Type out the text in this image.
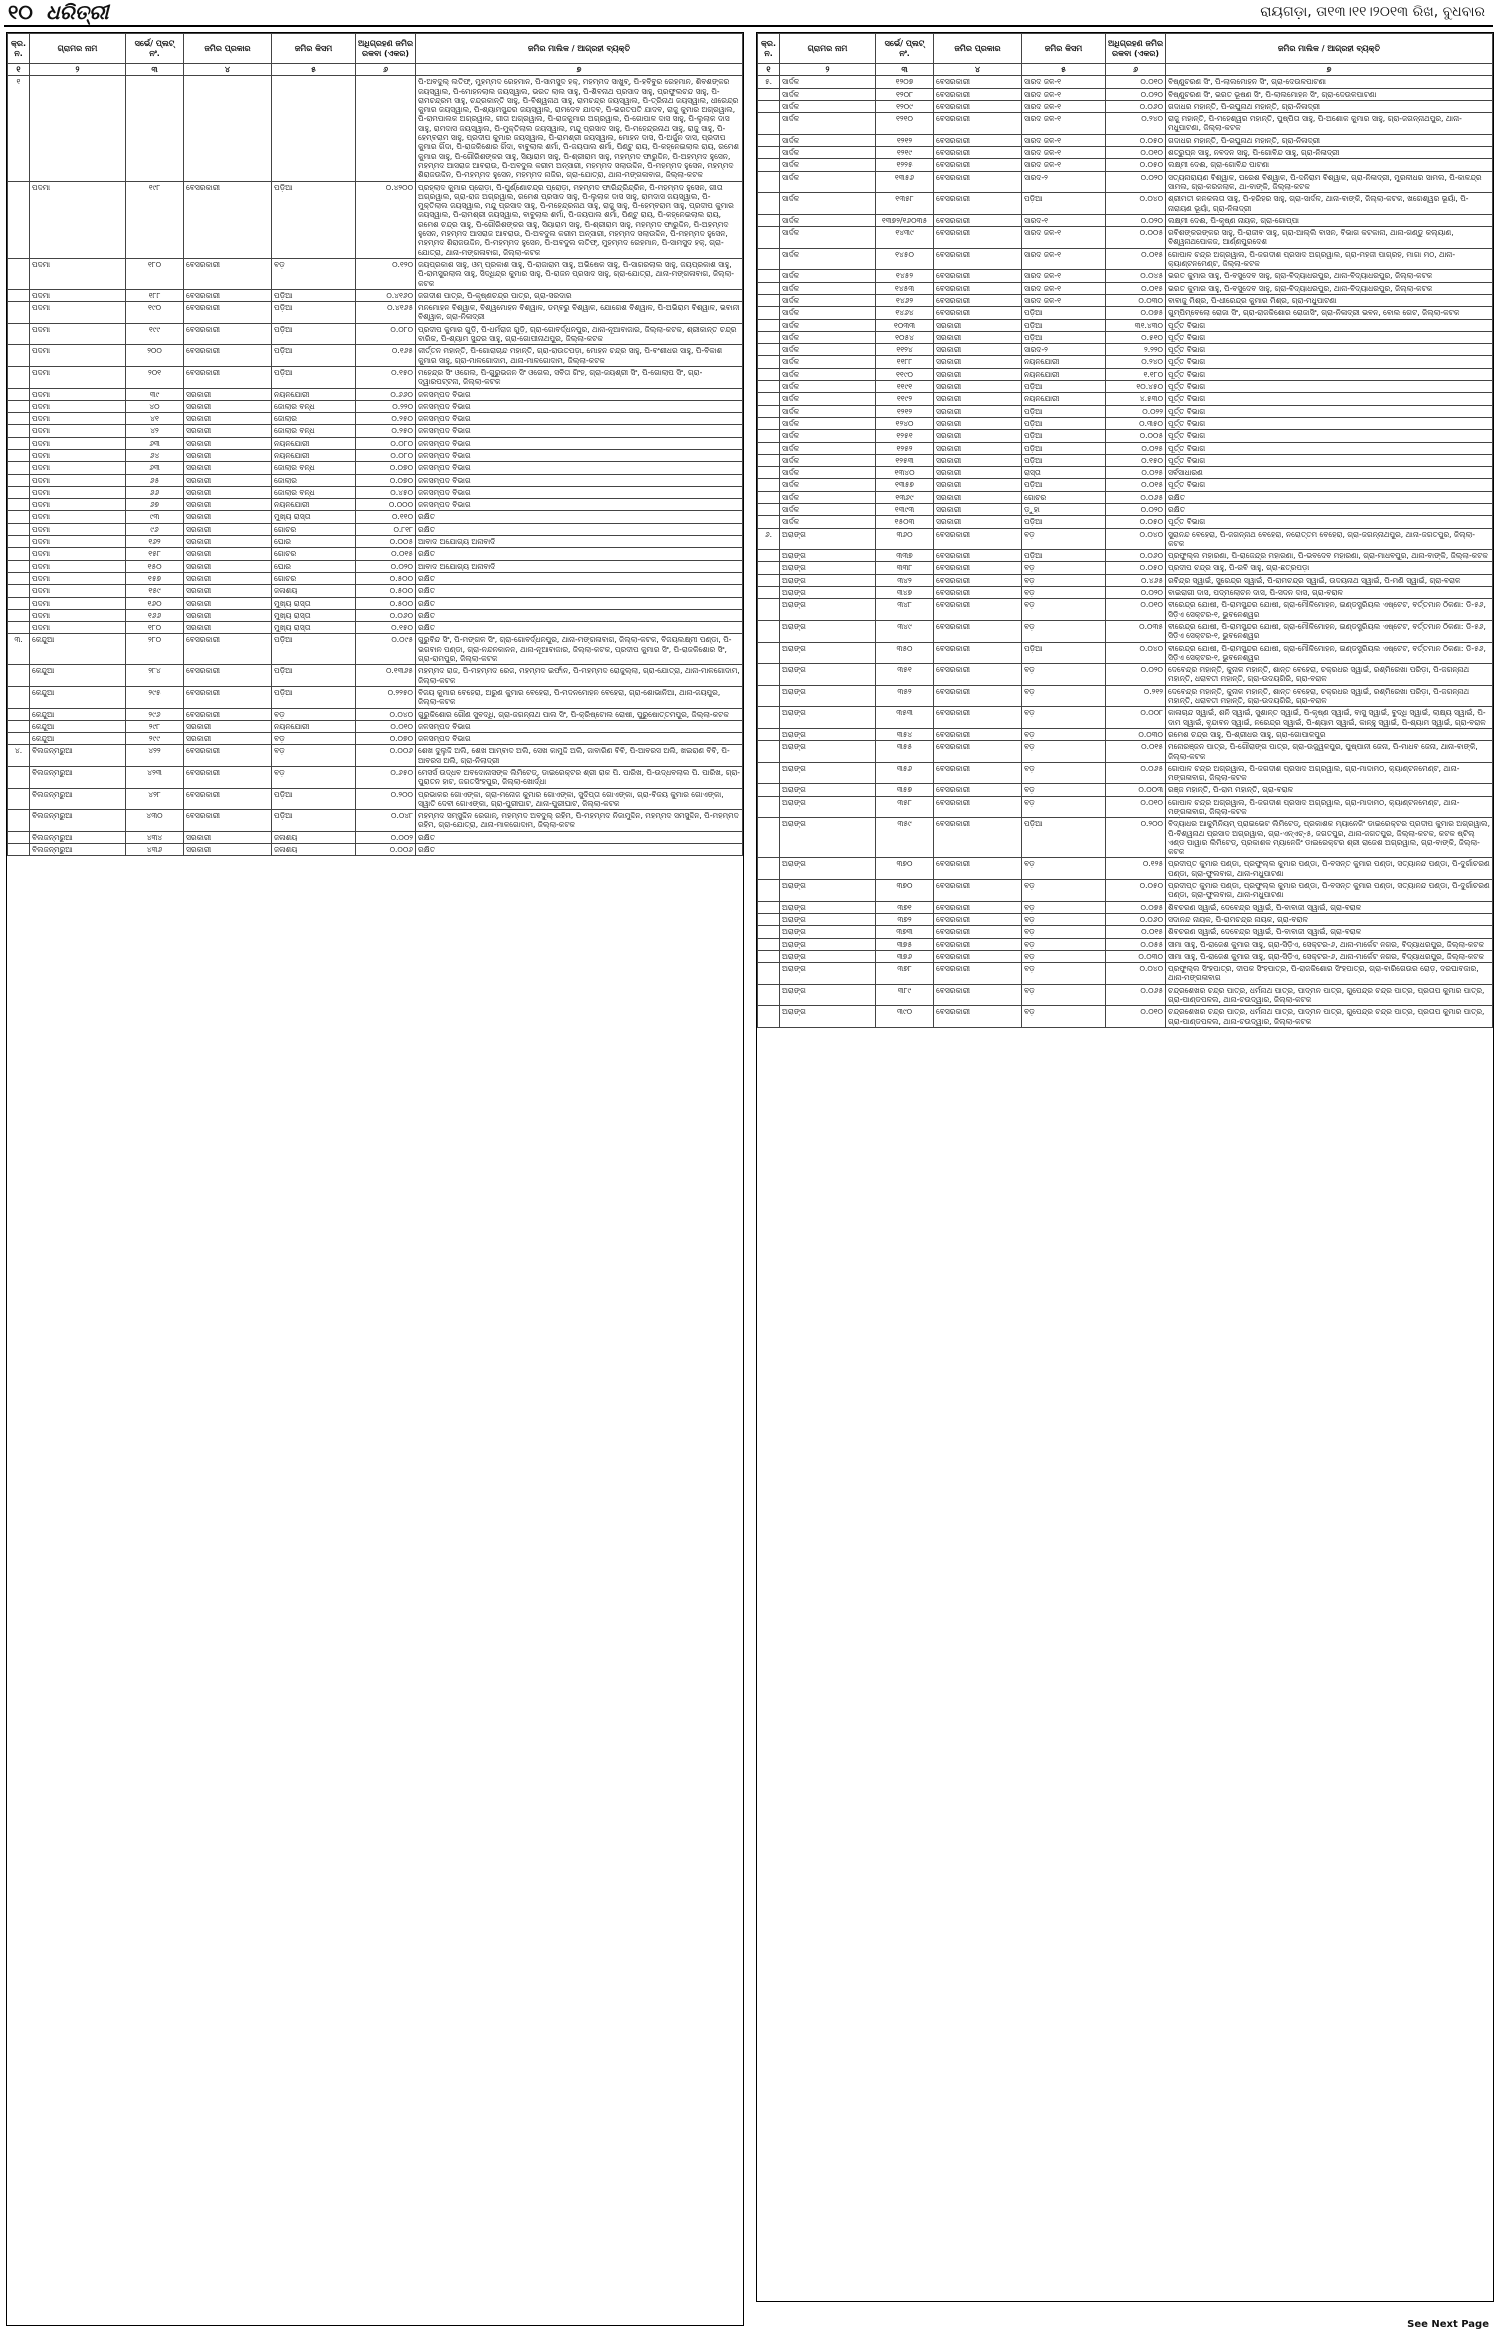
୧୦ ଧରିତ୍ରୀ	ରାୟଗଡ଼ା, ତା୧୩।୧୧।୨୦୧୩ ରିଖ, ବୁଧବାର
କ୍ର. ନ.	ଗ୍ରାମର ନାମ	ସର୍ଭେ/ ପ୍ଲଟ୍ ନଂ.	ଜମିର ପ୍ରକାର	ଜମିର କିସମ	ଅଧିଗ୍ରହଣ ଜମିର ରକବା (ଏକର)	ଜମିର ମାଲିକ / ଆଗ୍ରହୀ ବ୍ୟକ୍ତି
୧	୨	୩	୪	୫	୬	୭
୧						ପି-ଅବଦୁଲ୍ ଲତିଫ୍, ମୁହମ୍ମଦ ରେହମାନ, ପି-ସାମସୁଦ ହକ୍, ମହମ୍ମଦ ସାଖୁବ୍, ପି-ହବିବୁର ରେହମାନ, ଶିବଶଙ୍କର ଜୟସ୍ୱାଲ, ପି-ମୋହନଲାଲ ଜୟସ୍ୱାଲ, ଭରତ ଲାଲ ସାହୁ, ପି-ଶିବନାଥ ପ୍ରସାଦ ସାହୁ, ପ୍ରଫୁଲଚନ୍ଦ ସାହୁ, ପି-ରାମଚନ୍ଦ୍ରମ ସାହୁ, ଚନ୍ଦ୍ରକାନ୍ତି ସାହୁ, ପି-ବିଶ୍ୱନାଥ ସାହୁ, ରାମଚନ୍ଦ୍ର ଜୟସ୍ୱାଲ, ପି-ତ୍ରିନାଥ ଜୟସ୍ୱାଲ, ଧୀରେନ୍ଦ୍ର କୁମାର ଜୟସ୍ୱାଲ, ପି-ଶ୍ୟାମସୁନ୍ଦର ଜୟସ୍ୱାଲ, ରାମଦେବ ଯାଦବ, ପି-ଭରତପତି ଯାଦବ, ରାଜୁ କୁମାର ଅଗ୍ରୱାଲ, ପି-ରାମପାଲକ ଅଗ୍ରୱାଲ, ଗୀତା ଅଗ୍ରୱାଲ, ପି-ରାଜକୁମାର ଅଗ୍ରୱାଲ, ପି-ଗୋପାଳ ଦାସ ସାହୁ, ପି-ଲୁଲାକ ଦାସ ସାହୁ, ରାମଦାସ ଜୟସ୍ୱାଲ, ପି-ମୁକ୍ତିଲାଲ ଜୟସ୍ୱାଲ, ମନ୍ଦୁ ପ୍ରସାଦ ସାହୁ, ପି-ମହେନ୍ଦ୍ରନାଥ ସାହୁ, ରାଜୁ ସାହୁ, ପି-ହେମ୍ବରାମ ସାହୁ, ପ୍ରଦୀପ କୁମାର ଜୟସ୍ୱାଲ, ପି-ରାମଶ୍ରୀ ଜୟସ୍ୱାଲ, ମୋହନ ଦାସ, ପି-ଅର୍ଜୁନ ଦାସ, ପ୍ରଦୀପ କୁମାର ଗିଁଦା, ପି-ରାଜକିଶୋର ଗିଁଦା, ବାବୁଲାଲ ଶର୍ମା, ପି-ଜୟପାଲ ଶର୍ମା, ପିଣ୍ଟୁ ରାୟ, ପି-କହ୍ନେଇଲାଲ ରାୟ, ରମେଶ କୁମାର ସାହୁ, ପି-ଗୌରିଶଙ୍କର ସାହୁ, ସିୟାରାମ ସାହୁ, ପି-ଶ୍ରୀରାମ ସାହୁ, ମହମ୍ମଦ ଫାରୁଦ୍ଦିନ, ପି-ଅହମ୍ମଦ ହୁସେନ, ମହମ୍ମଦ ଆସରାଜ ଆବରାଉ, ପି-ଅବଦୁଲ କରୀମ ଅନ୍ସାରୀ, ମହମ୍ମଦ ସଲାଉଦ୍ଦିନ, ପି-ମହମ୍ମଦ ହୁସେନ, ମହମ୍ମଦ ଶିରାଜଉଦ୍ଦିନ, ପି-ମହମ୍ମଦ ହୁସେନ, ମହମ୍ମଦ ନାଜିର, ଗ୍ରା-ଯୋତ୍ରା, ଥାନା-ମଙ୍ଗଳାବାଗ, ଜିଲ୍ଲା-କଟକ
	ପଦମା	୧୯୮	ବେସରକାରୀ	ପଡ଼ିଆ	୦.୪୨୦୦	ପ୍ରହ୍ଲାଦ କୁମାର ପ୍ରୋଡ଼ା, ପି-ପୁର୍ଣ୍ଣୋଚନ୍ଦ୍ର ପ୍ରୋଡ଼ା, ମହମ୍ମଦ ଫାରିନ୍ଦ୍ରିନ୍ଦ୍ରିନ, ପି-ମହମ୍ମଦ ହୁସେନ, ଗୀତା ଅଗ୍ରୱାଲ, ଗ୍ରା-ରାଜ ଅଗ୍ରୱାଲ, ରମେଶ ପ୍ରସାଦ ସାହୁ, ପି-ଲୁଲାକ ଦାସ ସାହୁ, ରାମଦାସ ଜୟସ୍ୱାଲ, ପି-ମୁକ୍ତିଲାଲ ଜୟସ୍ୱାଲ, ମନ୍ଦୁ ପ୍ରସାଦ ସାହୁ, ପି-ମହେନ୍ଦ୍ରନାଥ ସାହୁ, ରାଜୁ ସାହୁ, ପି-ହେମ୍ବରାମ ସାହୁ, ପ୍ରଦୀପ କୁମାର ଜୟସ୍ୱାଲ, ପି-ରାମଶ୍ରୀ ଜୟସ୍ୱାଲ, ବାବୁଲାଲ ଶର୍ମା, ପି-ଜୟପାଲ ଶର୍ମା, ପିଣ୍ଟୁ ରାୟ, ପି-କହ୍ନେଇଲାଲ ରାୟ, ରମେଶ ଚନ୍ଦ୍ର ସାହୁ, ପି-ଗୌରିଶଙ୍କର ସାହୁ, ସିୟାରାମ ସାହୁ, ପି-ଶ୍ରୀରାମ ସାହୁ, ମହମ୍ମଦ ଫାରୁଦ୍ଦିନ, ପି-ଅହମ୍ମଦ ହୁସେନ, ମହମ୍ମଦ ଆସରାଜ ଆବରାଉ, ପି-ଅବଦୁଲ କରୀମ ଅନ୍ସାରୀ, ମହମ୍ମଦ ସଲାଉଦ୍ଦିନ, ପି-ମହମ୍ମଦ ହୁସେନ, ମହମ୍ମଦ ଶିରାଜଉଦ୍ଦିନ, ପି-ମହମ୍ମଦ ହୁସେନ, ପି-ଅବଦୁଲ ଲତିଫ୍, ମୁହମ୍ମଦ ରେହମାନ, ପି-ସାମସୁଦ ହକ୍, ଗ୍ରା-ଯୋତ୍ରା, ଥାନା-ମଙ୍ଗଳାବାଗ, ଜିଲ୍ଲା-କଟକ
	ପଦମା	୧୮୦	ବେସରକାରୀ	ବଡ଼	୦.୧୨୦	ଜୟପ୍ରକାଶ ସାହୁ, ଓମ୍ ପ୍ରକାଶ ସାହୁ, ପି-ରାଜାରାମ ସାହୁ, ଅଭିଷେକ ସାହୁ, ପି-ସାଗରଲାଲ ସାହୁ, ଜୟପ୍ରକାଶ ସାହୁ, ପି-ରାମସୁରଲାଲ ସାହୁ, ସିଦ୍ଧିନ୍ଦ୍ର କୁମାର ସାହୁ, ପି-ରାଜନ ପ୍ରସାଦ ସାହୁ, ଗ୍ରା-ଯୋତ୍ରା, ଥାନା-ମଙ୍ଗଳାବାଗ, ଜିଲ୍ଲା-କଟକ
	ପଦମା	୧୮୮	ବେସରକାରୀ	ପଡ଼ିଆ	୦.୪୧୬୦	ଜଗଦୀଶ ପାତ୍ର, ପି-କୃଷ୍ଣଚନ୍ଦ୍ର ପାତ୍ର, ଗ୍ରା-ସରଦାର
	ପଦମା	୧୯୦	ବେସରକାରୀ	ପଡ଼ିଆ	୦.୪୧୬୫	ମନମୋହନ ବିଶ୍ୱାଳ, ବିଶ୍ୱମୋହନ ବିଶ୍ୱାଳ, ଡମ୍ବରୁ ବିଶ୍ୱାଳ, ଯୋଗେଶ ବିଶ୍ୱାଳ, ପି-ଅଭିରାମ ବିଶ୍ୱାଳ, ଭବାନୀ ବିଶ୍ୱାଳ, ଗ୍ରା-ନିଳାଦ୍ରୀ
	ପଦମା	୧୯୯	ବେସରକାରୀ	ପଡ଼ିଆ	୦.୦୮୦	ପ୍ରଦୀପ କୁମାର ଗୁଡ଼ି, ପି-ଧର୍ମରାଜ ଗୁଡ଼ି, ଗ୍ରା-ଗୋବର୍ଦ୍ଧନପୁର, ଥାନା-ନୂଆବାଜାର, ଜିଲ୍ଲା-କଟକ, ଶ୍ରୀକାନ୍ତ ଚନ୍ଦ୍ର ବାରିକ, ପି-ଶ୍ୟାମ ସୁନ୍ଦର ସାହୁ, ଗ୍ରା-ଗୋପୀନାଥପୁର, ଜିଲ୍ଲା-କଟକ
	ପଦମା	୨୦୦	ବେସରକାରୀ	ପଡ଼ିଆ	୦.୧୬୫	କୀର୍ତ୍ତନ ମହାନ୍ତି, ପି-ଗୋରାଚାନ୍ଦ ମହାନ୍ତି, ଗ୍ରା-ରାଉତପଡ଼ା, ମୋହନ ଚନ୍ଦ୍ର ସାହୁ, ପି-ବଂଶୀଧର ସାହୁ, ପି-ବିକାଶ କୁମାର ସାହୁ, ଗ୍ରା-ମାଳଗୋଦାମ, ଥାନା-ମାଳଗୋଦାମ, ଜିଲ୍ଲା-କଟକ
	ପଦମା	୨୦୧	ବେସରକାରୀ	ପଡ଼ିଆ	୦.୧୫୦	ମହେନ୍ଦ୍ର ସିଂ ଓଗେଲ, ପି-ଗୁରୁଭଜନ ସିଂ ଓଗେଲ, ସବିତା ଗିଂହ, ଗ୍ରା-ଜୟଶ୍ରୀ ସିଂ, ପି-ଗୋଲାପ ସିଂ, ଗ୍ରା-ଦ୍ୱାରପଟ୍ଟନା, ଜିଲ୍ଲା-କଟକ
	ପଦମା	୩୯	ସରକାରୀ	ନୟନଯୋରୀ	୦.୬୬୦	ଜଳସମ୍ପଦ ବିଭାଗ
	ପଦମା	୪୦	ସରକାରୀ	ଜୋଲାର ବନ୍ଧ	୦.୨୨୦	ଜଳସମ୍ପଦ ବିଭାଗ
	ପଦମା	୪୧	ସରକାରୀ	ଜୋଲାର	୦.୨୫୦	ଜଳସମ୍ପଦ ବିଭାଗ
	ପଦମା	୪୨	ସରକାରୀ	ଜୋଲାର ବନ୍ଧ	୦.୨୫୦	ଜଳସମ୍ପଦ ବିଭାଗ
	ପଦମା	୬୩	ସରକାରୀ	ନୟନଯୋରୀ	୦.୦୮୦	ଜଳସମ୍ପଦ ବିଭାଗ
	ପଦମା	୬୪	ସରକାରୀ	ନୟନଯୋରୀ	୦.୦୮୦	ଜଳସମ୍ପଦ ବିଭାଗ
	ପଦମା	୬୩	ସରକାରୀ	ଜୋଲାର ବନ୍ଧ	୦.୦୭୦	ଜଳସମ୍ପଦ ବିଭାଗ
	ପଦମା	୬୫	ସରକାରୀ	ଜୋଲାର	୦.୦୭୦	ଜଳସମ୍ପଦ ବିଭାଗ
	ପଦମା	୬୬	ସରକାରୀ	ଜୋଲାର ବନ୍ଧ	୦.୪୫୦	ଜଳସମ୍ପଦ ବିଭାଗ
	ପଦମା	୬୭	ସରକାରୀ	ନୟନଯୋରୀ	୦.୦୦୦	ଜଳସମ୍ପଦ ବିଭାଗ
	ପଦମା	୯୩	ସରକାରୀ	ମୁଖ୍ୟ ରାସ୍ତା	୦.୧୧୦	ରକ୍ଷିତ
	ପଦମା	୯୬	ସରକାରୀ	ଗୋଚର	୦.୮୧୮	ରକ୍ଷିତ
	ପଦମା	୧୬୨	ସରକାରୀ	ଘୋର	୦.୦୦୫	ଆବାଦ ଅଯୋଗ୍ୟ ଅନାବାଦି
	ପଦମା	୧୫୮	ସରକାରୀ	ଗୋଚର	୦.୦୧୫	ରକ୍ଷିତ
	ପଦମା	୧୫୦	ସରକାରୀ	ଘୋର	୦.୦୨୦	ଆବାଦ ଅଯୋଗ୍ୟ ଅନାବାଦି
	ପଦମା	୧୫୭	ସରକାରୀ	ଗୋଚର	୦.୫୦୦	ରକ୍ଷିତ
	ପଦମା	୧୫୯	ସରକାରୀ	ଜଳାଶୟ	୦.୫୦୦	ରକ୍ଷିତ
	ପଦମା	୧୬୦	ସରକାରୀ	ମୁଖ୍ୟ ରାସ୍ତା	୦.୫୦୦	ରକ୍ଷିତ
	ପଦମା	୧୬୬	ସରକାରୀ	ମୁଖ୍ୟ ରାସ୍ତା	୦.୦୬୦	ରକ୍ଷିତ
	ପଦମା	୧୮୦	ସରକାରୀ	ମୁଖ୍ୟ ରାସ୍ତା	୦.୧୫୦	ରକ୍ଷିତ
୩.	କେନ୍ଦୁଆ	୨୮୦	ବେସରକାରୀ	ପଡ଼ିଆ	୦.୦୯୫	ଗୁରୁବିନ୍ଦ ସିଂ, ପି-ମଙ୍ଗଳ ସିଂ, ଗ୍ରା-ଗୋବର୍ଦ୍ଧନପୁର, ଥାନା-ମଙ୍ଗଳାବାଗ, ଜିଲ୍ଲା-କଟକ, ବିଜୟଲକ୍ଷ୍ମୀ ପଣ୍ଡା, ପି-ଭଗବାନ ପଣ୍ଡା, ଗ୍ରା-ନନ୍ଦନକାନନ, ଥାନା-ନୂଆବାଜାର, ଜିଲ୍ଲା-କଟକ, ପ୍ରଦୀପ କୁମାର ସିଂ, ପି-ରାଜକିଶୋର ସିଂ, ଗ୍ରା-ରାମପୁର, ଜିଲ୍ଲା-କଟକ
	କେନ୍ଦୁଆ	୨୮୪	ବେସରକାରୀ	ପଡ଼ିଆ	୦.୧୩୬୫	ମହମ୍ମଦ ରାଜ, ପି-ମହମ୍ମଦ ରେଜ, ମହମ୍ମଦ ଇର୍ଫାନ, ପି-ମହମ୍ମଦ ରୋଜୁଲ୍ଲା, ଗ୍ରା-ଯୋତ୍ରା, ଥାନା-ମାଳଗୋଦାମ, ଜିଲ୍ଲା-କଟକ
	କେନ୍ଦୁଆ	୨୯୫	ବେସରକାରୀ	ପଡ଼ିଆ	୦.୨୨୫୦	ବିଜୟ କୁମାର ବେହେରା, ଅରୁଣ କୁମାର ବେହେରା, ପି-ମଦନମୋହନ ବେହେରା, ଗ୍ରା-ଶୋଭାନିଆ, ଥାନା-ଜୟପୁର, ଜିଲ୍ଲା-କଟକ
	କେନ୍ଦୁଆ	୨୯୬	ବେସରକାରୀ	ବଡ଼	୦.୦୪୦	ଗୁରୁକିଶୋର ଗୌଣ ସୁବଦ୍ଧି, ଗ୍ରା-ଜଗନ୍ନାଥ ପାଲ ସିଂ, ପି-କ୍ରିଷ୍ଟୋଲ ରୋଷୀ, ପୁରୁଷୋତ୍ତମପୁର, ଜିଲ୍ଲା-କଟକ
	କେନ୍ଦୁଆ	୨୯୮	ସରକାରୀ	ନୟନଯୋରୀ	୦.୦୧୦	ଜଳସମ୍ପଦ ବିଭାଗ
	କେନ୍ଦୁଆ	୨୯୯	ସରକାରୀ	ବଡ଼	୦.୦୭୦	ଜଳସମ୍ପଦ ବିଭାଗ
୪.	ବିଲଜନ୍ମରୁଆ	୪୨୨	ବେସରକାରୀ	ବଡ଼	୦.୦୦୬	ଶେଖ ଦୁଲୁଦ୍ଦି ଅଲି, ଶେଖ ଆମ୍ବାଦ ଅଲି, ସେଖ କାମୁଦ୍ଦି ଅଲି, ଜାବାରିଣ ବିବି, ପି-ଆବରସ ଅଲି, ଖଇରାଣ ବିବି, ପି-ଆବରସ ଅଲି, ଗ୍ରା-ନିଲାଦ୍ରୀ
	ବିଲଜନ୍ମରୁଆ	୪୨୩	ବେସରକାରୀ	ବଡ଼	୦.୬୫୦	ମେସର୍ସ ଉଦ୍ଧବ ଅବଦୋନାସଙ୍କ ଲିମିଟେଡ୍, ଡାଇରେକ୍ଟର ଶ୍ରୀ ରାକ ପି. ପାରିଖ, ପି-ଉଦ୍ଧବଲାଲ ପି. ପାରିଖ, ଗ୍ରା-ପୁରାତନ ହାଟ, ଜଗତସିଂହପୁର, ଜିଲ୍ଲା-ଖୋର୍ଦ୍ଧା
	ବିଲଜନ୍ମରୁଆ	୪୨୮	ବେସରକାରୀ	ପଡ଼ିଆ	୦.୨୦୦	ପ୍ରଭାକର ଗୋଏଙ୍କା, ଗ୍ରା-ମନୋଜ କୁମାର ଗୋଏଙ୍କା, ସୁଦିପ୍ତା ଗୋଏଙ୍କା, ଗ୍ରା-ବିଜୟ କୁମାର ଗୋଏଙ୍କା, ସ୍ୱାତି ଦେବୀ ଗୋଏଙ୍କା, ଗ୍ରା-ପୁରୀଘାଟ, ଥାନା-ପୁରୀଘାଟ, ଜିଲ୍ଲା-କଟକ
	ବିଲଜନ୍ମରୁଆ	୪୩୦	ବେସରକାରୀ	ପଡ଼ିଆ	୦.୦୪୮	ମହମ୍ମଦ ସମ୍ସୁଦ୍ଦିନ ରେଗାନ୍, ମହମ୍ମଦ ଅବଦୁଲ୍ ରହିମ, ପି-ମହମ୍ମଦ ନିଜାମୁଦ୍ଦିନ, ମହମ୍ମଦ ସମସୁଦ୍ଦିନ, ପି-ମହମ୍ମଦ ରହିମ, ଗ୍ରା-ଯୋତ୍ରା, ଥାନା-ମାଳଗୋଦାମ, ଜିଲ୍ଲା-କଟକ
	ବିଲଜନ୍ମରୁଆ	୪୩୪	ସରକାରୀ	ଜଳାଶୟ	୦.୦୦୨	ରକ୍ଷିତ
	ବିଲଜନ୍ମରୁଆ	୪୩୬	ସରକାରୀ	ଜଳାଶୟ	୦.୦୦୬	ରକ୍ଷିତ
କ୍ର. ନ.	ଗ୍ରାମର ନାମ	ସର୍ଭେ/ ପ୍ଲଟ୍ ନଂ.	ଜମିର ପ୍ରକାର	ଜମିର କିସମ	ଅଧିଗ୍ରହଣ ଜମିର ରକବା (ଏକର)	ଜମିର ମାଲିକ / ଆଗ୍ରହୀ ବ୍ୟକ୍ତି
୧	୨	୩	୪	୫	୬	୭
୫.	ସାର୍ଦଳ	୧୨୦୭	ବେସରକାରୀ	ସାରଦ ଜଳ-୧	୦.୦୧୦	ବିଷ୍ଣୁଚରଣ ସିଂ, ପି-ଲାଲମୋହନ ସିଂ, ଗ୍ରା-ଦେଉଳପାଟଣା
	ସାର୍ଦଳ	୧୨୦୮	ବେସରକାରୀ	ସାରଦ ଜଳ-୧	୦.୦୨୦	ବିଷ୍ଣୁଚରଣ ସିଂ, ଭରତ ଭୂଷଣ ସିଂ, ପି-ଲାଲମୋହନ ସିଂ, ଗ୍ରା-ଦେଉଳପାଟଣା
	ସାର୍ଦଳ	୧୨୦୯	ବେସରକାରୀ	ସାରଦ ଜଳ-୧	୦.୦୬୦	ଗଦାଧର ମହାନ୍ତି, ପି-ରଘୁନାଥ ମହାନ୍ତି, ଗ୍ରା-ନିଳାଦ୍ରୀ
	ସାର୍ଦଳ	୧୨୧୦	ବେସରକାରୀ	ସାରଦ ଜଳ-୧	୦.୨୪୦	ରାଜୁ ମହାନ୍ତି, ପି-ମହେଶ୍ୱର ମହାନ୍ତି, ପୁଷ୍ପିତା ସାହୁ, ପି-ଅଶୋକ କୁମାର ସାହୁ, ଗ୍ରା-ଜଗନ୍ନାଥପୁର, ଥାନା-ମଧୁପାଟଣା, ଜିଲ୍ଲା-କଟକ
	ସାର୍ଦଳ	୧୨୧୨	ବେସରକାରୀ	ସାରଦ ଜଳ-୧	୦.୦୫୦	ଗଦାଧର ମହାନ୍ତି, ପି-ରଘୁନାଥ ମହାନ୍ତି, ଗ୍ରା-ନିଳାଦ୍ରୀ
	ସାର୍ଦଳ	୧୨୧୯	ବେସରକାରୀ	ସାରଦ ଜଳ-୧	୦.୦୧୦	ଶତ୍ରୁଘ୍ନ ସାହୁ, ନବଦନ ସାହୁ, ପି-ଗୋବିନ୍ଦ ସାହୁ, ଗ୍ରା-ନିଳାଦ୍ରୀ
	ସାର୍ଦଳ	୧୨୨୫	ବେସରକାରୀ	ସାରଦ ଜଳ-୧	୦.୦୫୦	ଲକ୍ଷ୍ମୀ ଦେଈ, ଗ୍ରା-ଗୋବିନ୍ଦ ପାଟଣା
	ସାର୍ଦଳ	୧୩୫୬	ବେସରକାରୀ	ସାରଦ-୨	୦.୦୨୦	ସତ୍ୟନାରାୟଣ ବିଶ୍ୱାଳ, ପରେଶ ବିଶ୍ୱାଳ, ପି-ଦନିରାମ ବିଶ୍ୱାଳ, ଗ୍ରା-ନିଳାଦ୍ରୀ, ମୁରଳୀଧର ସାମଲ, ପି-କାଳନ୍ଦ୍ର ସାମଲ, ଗ୍ରା-କରଜଲାଳ, ଥା-ବାଙ୍କି, ଜିଲ୍ଲା-କଟକ
	ସାର୍ଦଳ	୧୩୫୮	ବେସରକାରୀ	ପଡ଼ିଆ	୦.୦୪୦	ଶ୍ରୀମତୀ କନକଲତା ସାହୁ, ପି-ହରିହର ସାହୁ, ଗ୍ରା-ସାର୍ଦଳ, ଥାନା-ବାଙ୍କି, ଜିଲ୍ଲା-କଟକ, ଖଗେଶ୍ୱର ଭୂୟାଁ, ପି-ନାରାୟଣ ଭୂୟାଁ, ଗ୍ରା-ନିଳାଦ୍ରୀ
	ସାର୍ଦଳ	୧୩୭୨/୧୬୦୩୫	ବେସରକାରୀ	ସାରଦ-୧	୦.୦୨୦	ଲକ୍ଷ୍ମୀ ଦେଈ, ପି-କୃଷ୍ଣ ନାୟକ, ଗ୍ରା-ଗୋପ୍ପା
	ସାର୍ଦଳ	୧୪୩୯	ବେସରକାରୀ	ସାରଦ ଜଳ-୧	୦.୦୦୫	ରବିଶଙ୍କରଙ୍କର ସାହୁ, ପି-ରାଜୀବ ସାହୁ, ଗ୍ରା-ଆଲ୍ଲି ବାସନ, ବିଭାଗ କଟକାନା, ଥାନା-ଗଣ୍ଡୁ କଲ୍ୟାଣ, ବିଶ୍ୱନାଥପୋକଜ, ଆର୍ଣ୍ଣପୁରଦେଶ
	ସାର୍ଦଳ	୧୪୫୦	ବେସରକାରୀ	ସାରଦ ଜଳ-୧	୦.୦୧୫	ଗୋପାଳ ଚନ୍ଦ୍ର ଅଗ୍ରୱାଲ, ପି-ଜଗଦୀଶ ପ୍ରସାଦ ଅଗ୍ରୱାଲ, ଗ୍ରା-ମହଜୀ ପାଗ୍ରହ, ମାଗା ମଠ, ଥାନା-କ୍ୟାଣ୍ଟନମେଣ୍ଟ, ଜିଲ୍ଲା-କଟକ
	ସାର୍ଦଳ	୧୪୫୨	ବେସରକାରୀ	ସାରଦ ଜଳ-୧	୦.୦୪୫	ଭରତ କୁମାର ସାହୁ, ପି-ବସୁଦେବ ସାହୁ, ଗ୍ରା-ବିଦ୍ୟାଧରପୁର, ଥାନା-ବିଦ୍ୟାଧରପୁର, ଜିଲ୍ଲା-କଟକ
	ସାର୍ଦଳ	୧୪୫୩	ବେସରକାରୀ	ସାରଦ ଜଳ-୧	୦.୦୧୫	ଭରତ କୁମାର ସାହୁ, ପି-ବସୁଦେବ ସାହୁ, ଗ୍ରା-ବିଦ୍ୟାଧରପୁର, ଥାନା-ବିଦ୍ୟାଧରପୁର, ଜିଲ୍ଲା-କଟକ
	ସାର୍ଦଳ	୧୪୬୨	ବେସରକାରୀ	ସାରଦ ଜଳ-୧	୦.୦୩୦	ବାବାଜୁ ମିଶ୍ର, ପି-ଧୀରେନ୍ଦ୍ର କୁମାର ମିଶ୍ର, ଗ୍ରା-ମଧୁପାଟଣା
	ସାର୍ଦଳ	୧୪୬୪	ବେସରକାରୀ	ପଡ଼ିଆ	୦.୦୭୫	ଗୁମ୍ପିମ୍ବେଲୋ ରୋଜା ସିଂ, ଗ୍ରା-ରାଜକିଶୋର ରୋଜାସିଂ, ଗ୍ରା-ନିଳାଦ୍ରୀ ଭବନ, ବୋଲ ଗେଟ, ଜିଲ୍ଲା-କଟକ
	ସାର୍ଦଳ	୧୦୩୩	ସରକାରୀ	ପଡ଼ିଆ	୩୧.୪୩୦	ପୂର୍ତ୍ତ ବିଭାଗ
	ସାର୍ଦଳ	୧୦୫୪	ସରକାରୀ	ପଡ଼ିଆ	୦.୫୧୦	ପୂର୍ତ୍ତ ବିଭାଗ
	ସାର୍ଦଳ	୧୧୨୪	ସରକାରୀ	ସାରଦ-୨	୨.୨୨୦	ପୂର୍ତ୍ତ ବିଭାଗ
	ସାର୍ଦଳ	୧୧୮୮	ସରକାରୀ	ନୟନଯୋରୀ	୦.୨୪୦	ପୂର୍ତ୍ତ ବିଭାଗ
	ସାର୍ଦଳ	୧୧୯୦	ସରକାରୀ	ନୟନଯୋରୀ	୧.୧୮୦	ପୂର୍ତ୍ତ ବିଭାଗ
	ସାର୍ଦଳ	୧୧୯୧	ସରକାରୀ	ପଡ଼ିଆ	୧୦.୪୫୦	ପୂର୍ତ୍ତ ବିଭାଗ
	ସାର୍ଦଳ	୧୧୯୨	ସରକାରୀ	ନୟନଯୋରୀ	୪.୫୩୦	ପୂର୍ତ୍ତ ବିଭାଗ
	ସାର୍ଦଳ	୧୨୧୨	ସରକାରୀ	ପଡ଼ିଆ	୦.୦୨୨	ପୂର୍ତ୍ତ ବିଭାଗ
	ସାର୍ଦଳ	୧୨୪୦	ସରକାରୀ	ପଡ଼ିଆ	୦.୩୫୦	ପୂର୍ତ୍ତ ବିଭାଗ
	ସାର୍ଦଳ	୧୨୫୧	ସରକାରୀ	ପଡ଼ିଆ	୦.୦୦୫	ପୂର୍ତ୍ତ ବିଭାଗ
	ସାର୍ଦଳ	୧୨୫୨	ସରକାରୀ	ପଡ଼ିଆ	୦.୦୨୫	ପୂର୍ତ୍ତ ବିଭାଗ
	ସାର୍ଦଳ	୧୨୫୩	ସରକାରୀ	ପଡ଼ିଆ	୦.୧୫୦	ପୂର୍ତ୍ତ ବିଭାଗ
	ସାର୍ଦଳ	୧୩୪୦	ସରକାରୀ	ରାସ୍ତା	୦.୦୨୫	ସର୍ବସାଧାରଣ
	ସାର୍ଦଳ	୧୩୫୭	ସରକାରୀ	ପଡ଼ିଆ	୦.୦୧୫	ପୂର୍ତ୍ତ ବିଭାଗ
	ସାର୍ଦଳ	୧୩୬୯	ସରକାରୀ	ଗୋଚର	୦.୦୬୫	ରକ୍ଷିତ
	ସାର୍ଦଳ	୧୩୯୩	ସରକାରୀ	ଡ଼ୁହା	୦.୦୨୦	ରକ୍ଷିତ
	ସାର୍ଦଳ	୧୫୦୩	ସରକାରୀ	ପଡ଼ିଆ	୦.୦୫୦	ପୂର୍ତ୍ତ ବିଭାଗ
୬.	ଅରାଙ୍ଗ	୩୬୦	ବେସରକାରୀ	ବଡ଼	୦.୦୪୦	ସୁରାନନ୍ଦ ବେହେରା, ପି-ଜଗନ୍ନାଥ ବେହେରା, ନରୋତ୍ତମ ବେହେରା, ଗ୍ରା-ଜଗନ୍ନାଥପୁର, ଥାନା-ଜଗତପୁର, ଜିଲ୍ଲା-କଟକ
	ଅରାଙ୍ଗ	୩୩୭	ବେସରକାରୀ	ପଡ଼ିଆ	୦.୦୬୦	ପ୍ରଫୁଲ୍ଲ ମହାରଣା, ପି-ରାଜେନ୍ଦ୍ର ମହାରଣା, ପି-ଭବଦେବ ମହାରଣା, ଗ୍ରା-ମାଧବପୁର, ଥାନା-ବାଙ୍କି, ଜିଲ୍ଲା-କଟକ
	ଅରାଙ୍ଗ	୩୩୮	ବେସରକାରୀ	ବଡ଼	୦.୦୫୦	ପ୍ରଦୀପ ଚନ୍ଦ୍ର ସାହୁ, ପି-ରବି ସାହୁ, ଗ୍ରା-ଛତ୍ରପଡ଼ା
	ଅରାଙ୍ଗ	୩୪୨	ବେସରକାରୀ	ବଡ଼	୦.୪୬୫	ରବିନ୍ଦ୍ର ସ୍ୱାଇଁ, ସୁରେନ୍ଦ୍ର ସ୍ୱାଇଁ, ପି-ରାମଚନ୍ଦ୍ର ସ୍ୱାଇଁ, ଉଦୟନାଥ ସ୍ୱାଇଁ, ପି-ମଣି ସ୍ୱାଇଁ, ଗ୍ରା-ବରାଳ
	ଅରାଙ୍ଗ	୩୪୭	ବେସରକାରୀ	ବଡ଼	୦.୦୨୦	ବାଇରାଗୀ ଦାସ, ପଦ୍ମଲୋଚନ ଦାସ, ପି-ସଦନ ଦାସ, ଗ୍ରା-ବରାଳ
	ଅରାଙ୍ଗ	୩୪୮	ବେସରକାରୀ	ବଡ଼	୦.୦୧୦	ବୀରେନ୍ଦ୍ର ଯୋଷୀ, ପି-ରାମସୁନ୍ଦର ଯୋଷୀ, ଗ୍ରା-ମୌଳିମୋହନ, ଇଣ୍ଡସ୍ଟ୍ରିୟଲ ଏଷ୍ଟେଟ, ବର୍ତ୍ତମାନ ଠିକଣା: ଡି-୫୬, ସିଡ଼ିଏ ସେକ୍ଟର-୧, ଭୁବନେଶ୍ୱର
	ଅରାଙ୍ଗ	୩୪୯	ବେସରକାରୀ	ବଡ଼	୦.୦୩୫	ବୀରେନ୍ଦ୍ର ଯୋଷୀ, ପି-ରାମସୁନ୍ଦର ଯୋଷୀ, ଗ୍ରା-ମୌଳିମୋହନ, ଇଣ୍ଡସ୍ଟ୍ରିୟଲ ଏଷ୍ଟେଟ, ବର୍ତ୍ତମାନ ଠିକଣା: ଡି-୫୬, ସିଡ଼ିଏ ସେକ୍ଟର-୧, ଭୁବନେଶ୍ୱର
	ଅରାଙ୍ଗ	୩୫୦	ବେସରକାରୀ	ପଡ଼ିଆ	୦.୦୪୦	ବୀରେନ୍ଦ୍ର ଯୋଷୀ, ପି-ରାମସୁନ୍ଦର ଯୋଷୀ, ଗ୍ରା-ମୌଳିମୋହନ, ଇଣ୍ଡସ୍ଟ୍ରିୟଲ ଏଷ୍ଟେଟ, ବର୍ତ୍ତମାନ ଠିକଣା: ଡି-୫୬, ସିଡ଼ିଏ ସେକ୍ଟର-୧, ଭୁବନେଶ୍ୱର
	ଅରାଙ୍ଗ	୩୫୧	ବେସରକାରୀ	ବଡ଼	୦.୦୨୦	ଦେବେନ୍ଦ୍ର ମହାନ୍ତି, କୁନାଳ ମହାନ୍ତି, ଶାନ୍ତ ବେହେରା, ଚକ୍ରଧର ସ୍ୱାଇଁ, ରଶ୍ମିରେଖା ପରିଡ଼ା, ପି-ଜଗନ୍ନାଥ ମହାନ୍ତି, ଧରାବତୀ ମହାନ୍ତି, ଗ୍ରା-ଉଦୟଗିରି, ଗ୍ରା-ବରାଳ
	ଅରାଙ୍ଗ	୩୫୨	ବେସରକାରୀ	ବଡ଼	୦.୨୧୨	ଦେବେନ୍ଦ୍ର ମହାନ୍ତି, କୁନାଳ ମହାନ୍ତି, ଶାନ୍ତ ବେହେରା, ଚକ୍ରଧର ସ୍ୱାଇଁ, ରଶ୍ମିରେଖା ପରିଡ଼ା, ପି-ଜଗନ୍ନାଥ ମହାନ୍ତି, ଧରାବତୀ ମହାନ୍ତି, ଗ୍ରା-ଉଦୟଗିରି, ଗ୍ରା-ବରାଳ
	ଅରାଙ୍ଗ	୩୫୩	ବେସରକାରୀ	ବଡ଼	୦.୦୦୮	କାଳାଚାନ୍ଦ ସ୍ୱାଇଁ, ଶନି ସ୍ୱାଇଁ, ସୁଶାନ୍ତ ସ୍ୱାଇଁ, ପି-କୃଷ୍ଣ ସ୍ୱାଇଁ, ବାସୁ ସ୍ୱାଇଁ, ବୁଦ୍ଧି ସ୍ୱାଇଁ, ଲାକ୍ଷ୍ୟ ସ୍ୱାଇଁ, ପି-ଦାମ ସ୍ୱାଇଁ, ବୃନ୍ଦାବନ ସ୍ୱାଇଁ, ନରେନ୍ଦ୍ର ସ୍ୱାଇଁ, ପି-ଶ୍ୟାମ ସ୍ୱାଇଁ, କାନ୍ହୁ ସ୍ୱାଇଁ, ପି-ଶ୍ୟାମ ସ୍ୱାଇଁ, ଗ୍ରା-ବରାଳ
	ଅରାଙ୍ଗ	୩୫୪	ବେସରକାରୀ	ବଡ଼	୦.୦୩୦	ରମେଶ ଚନ୍ଦ୍ର ସାହୁ, ପି-ଶ୍ରୀଧର ସାହୁ, ଗ୍ରା-ଗୋପାଳପୁର
	ଅରାଙ୍ଗ	୩୫୫	ବେସରକାରୀ	ବଡ଼	୦.୦୧୫	ମନୋରଞ୍ଜନ ପାତ୍ର, ପି-ଗୌରାଙ୍ଗ ପାତ୍ର, ଗ୍ରା-ଉଜ୍ଜ୍ୱଳପୁର, ପୁଷ୍ପାନୀ ଜେନା, ପି-ମାଧବ ଜେନା, ଥାନା-ବାଙ୍କି, ଜିଲ୍ଲା-କଟକ
	ଅରାଙ୍ଗ	୩୫୬	ବେସରକାରୀ	ବଡ଼	୦.୦୬୫	ଗୋପାଳ ଚନ୍ଦ୍ର ଅଗ୍ରୱାଲ, ପି-ଜଗଦୀଶ ପ୍ରସାଦ ଅଗ୍ରୱାଲ, ଗ୍ରା-ମାଦାମଠ, କ୍ୟାଣ୍ଟନମେଣ୍ଟ, ଥାନା-ମଙ୍ଗଳାବାଗ, ଜିଲ୍ଲା-କଟକ
	ଅରାଙ୍ଗ	୩୫୭	ବେସରକାରୀ	ବଡ଼	୦.୦୦୩	ରଞ୍ଜ ମହାନ୍ତି, ପି-ରାମ ମହାନ୍ତି, ଗ୍ରା-ବରାଳ
	ଅରାଙ୍ଗ	୩୫୮	ବେସରକାରୀ	ବଡ଼	୦.୦୧୦	ଗୋପାଳ ଚନ୍ଦ୍ର ଅଗ୍ରୱାଲ, ପି-ଜଗଦୀଶ ପ୍ରସାଦ ଅଗ୍ରୱାଲ, ଗ୍ରା-ମାଦାମଠ, କ୍ୟାଣ୍ଟନମେଣ୍ଟ, ଥାନା-ମଙ୍ଗଳାବାଗ, ଜିଲ୍ଲା-କଟକ
	ଅରାଙ୍ଗ	୩୫୯	ବେସରକାରୀ	ପଡ଼ିଆ	୦.୨୦୦	ବିଦ୍ୟାଧର ଆକୁମିନିୟମ୍ ପ୍ରାଇଭେଟ ଲିମିଟେଡ୍, ପ୍ରକାଶକ ମ୍ୟାନେଜିଂ ଡାଇରେକ୍ଟର ପ୍ରଦୀପ କୁମାର ଅଗ୍ରୱାଲ, ପି-ବିଶ୍ୱନାଥ ପ୍ରସାଦ ଅଗ୍ରୱାଲ, ଗ୍ରା-ଏନ୍‌ଏଚ୍-୫, ଜଗତପୁର, ଥାନା-ଜଗତପୁର, ଜିଲ୍ଲା-କଟକ, କଟକ ଷ୍ଟିଲ୍ ଏଣ୍ଡ ପାୱାର ଲିମିଟେଡ୍, ପ୍ରକାଶକ ମ୍ୟାନେଜିଂ ଡାଇରେକ୍ଟର ଶ୍ରୀ ରାଜେଶ ଅଗ୍ରୱାଲ, ଗ୍ରା-ବାଙ୍କି, ଜିଲ୍ଲା-କଟକ
	ଅରାଙ୍ଗ	୩୭୦	ବେସରକାରୀ	ବଡ଼	୦.୧୨୫	ପ୍ରଦୀପ୍ତ କୁମାର ପଣ୍ଡା, ପ୍ରଫୁଲ୍ଲ କୁମାର ପଣ୍ଡା, ପି-ବସନ୍ତ କୁମାର ପଣ୍ଡା, ସତ୍ୟାନନ୍ଦ ପଣ୍ଡା, ପି-ଦୁର୍ଗାଚରଣ ପଣ୍ଡା, ଗ୍ରା-ଫୁଲବାଗ, ଥାନା-ମଧୁପାଟଣା
	ଅରାଙ୍ଗ	୩୭୦	ବେସରକାରୀ	ବଡ଼	୦.୦୫୦	ପ୍ରଦୀପ୍ତ କୁମାର ପଣ୍ଡା, ପ୍ରଫୁଲ୍ଲ କୁମାର ପଣ୍ଡା, ପି-ବସନ୍ତ କୁମାର ପଣ୍ଡା, ସତ୍ୟାନନ୍ଦ ପଣ୍ଡା, ପି-ଦୁର୍ଗାଚରଣ ପଣ୍ଡା, ଗ୍ରା-ଫୁଲବାଗ, ଥାନା-ମଧୁପାଟଣା
	ଅରାଙ୍ଗ	୩୭୧	ବେସରକାରୀ	ବଡ଼	୦.୦୭୫	ଶିବଚରଣ ସ୍ୱାଇଁ, ଦେବେନ୍ଦ୍ର ସ୍ୱାଇଁ, ପି-ବାବାଜୀ ସ୍ୱାଇଁ, ଗ୍ରା-ବରାଳ
	ଅରାଙ୍ଗ	୩୭୨	ବେସରକାରୀ	ବଡ଼	୦.୦୬୦	ସଦାନନ୍ଦ ନାୟକ, ପି-ରାମଚନ୍ଦ୍ର ନାୟକ, ଗ୍ରା-ବରାଳ
	ଅରାଙ୍ଗ	୩୭୩	ବେସରକାରୀ	ବଡ଼	୦.୦୧୫	ଶିବଚରଣ ସ୍ୱାଇଁ, ଦେବେନ୍ଦ୍ର ସ୍ୱାଇଁ, ପି-ବାବାଜୀ ସ୍ୱାଇଁ, ଗ୍ରା-ବରାଳ
	ଅରାଙ୍ଗ	୩୭୫	ବେସରକାରୀ	ବଡ଼	୦.୦୫୫	ସୀମା ସାହୁ, ପି-ରାଜେଶ କୁମାର ସାହୁ, ଗ୍ରା-ସିଡ଼ିଏ, ସେକ୍ଟର-୬, ଥାନା-ମାର୍କେଟ ନଗର, ବିଦ୍ୟାଧରପୁର, ଜିଲ୍ଲା-କଟକ
	ଅରାଙ୍ଗ	୩୭୬	ବେସରକାରୀ	ବଡ଼	୦.୦୩୦	ସୀମା ସାହୁ, ପି-ରାଜେଶ କୁମାର ସାହୁ, ଗ୍ରା-ସିଡ଼ିଏ, ସେକ୍ଟର-୬, ଥାନା-ମାର୍କେଟ ନଗର, ବିଦ୍ୟାଧରପୁର, ଜିଲ୍ଲା-କଟକ
	ଅରାଙ୍ଗ	୩୭୮	ବେସରକାରୀ	ବଡ଼	୦.୦୪୦	ପ୍ରଫୁଲ୍ଲ ସିଂହପାତ୍ର, ଦୀପକ ସିଂହପାତ୍ର, ପି-ରାଜକିଶୋର ସିଂହପାତ୍ର, ଗ୍ରା-ବାରିଗେଉର ରୋଡ଼, ଦରଘାବଜାର, ଥାନା-ମଙ୍ଗଳାବାଗ
	ଅରାଙ୍ଗ	୩୮୯	ବେସରକାରୀ	ବଡ଼	୦.୦୬୫	ଚନ୍ଦ୍ରଶେଖର ଚନ୍ଦ୍ର ପାତ୍ର, ଧର୍ମନାଥ ପାତ୍ର, ପାଦ୍ମନ ପାତ୍ର, ଗୁପେନ୍ଦ୍ର ଚନ୍ଦ୍ର ପାତ୍ର, ପ୍ରତାପ କୁମାର ପାତ୍ର, ଗ୍ରା-ପାଣ୍ଡପଳଲ, ଥାନା-ଚଉଦ୍ୱାର, ଜିଲ୍ଲା-କଟକ
	ଅରାଙ୍ଗ	୩୯୦	ବେସରକାରୀ	ବଡ଼	୦.୦୧୦	ଚନ୍ଦ୍ରଶେଖର ଚନ୍ଦ୍ର ପାତ୍ର, ଧର୍ମନାଥ ପାତ୍ର, ପାଦ୍ମନ ପାତ୍ର, ଗୁପେନ୍ଦ୍ର ଚନ୍ଦ୍ର ପାତ୍ର, ପ୍ରତାପ କୁମାର ପାତ୍ର, ଗ୍ରା-ପାଣ୍ଡପଳଲ, ଥାନା-ଚଉଦ୍ୱାର, ଜିଲ୍ଲା-କଟକ
See Next Page
